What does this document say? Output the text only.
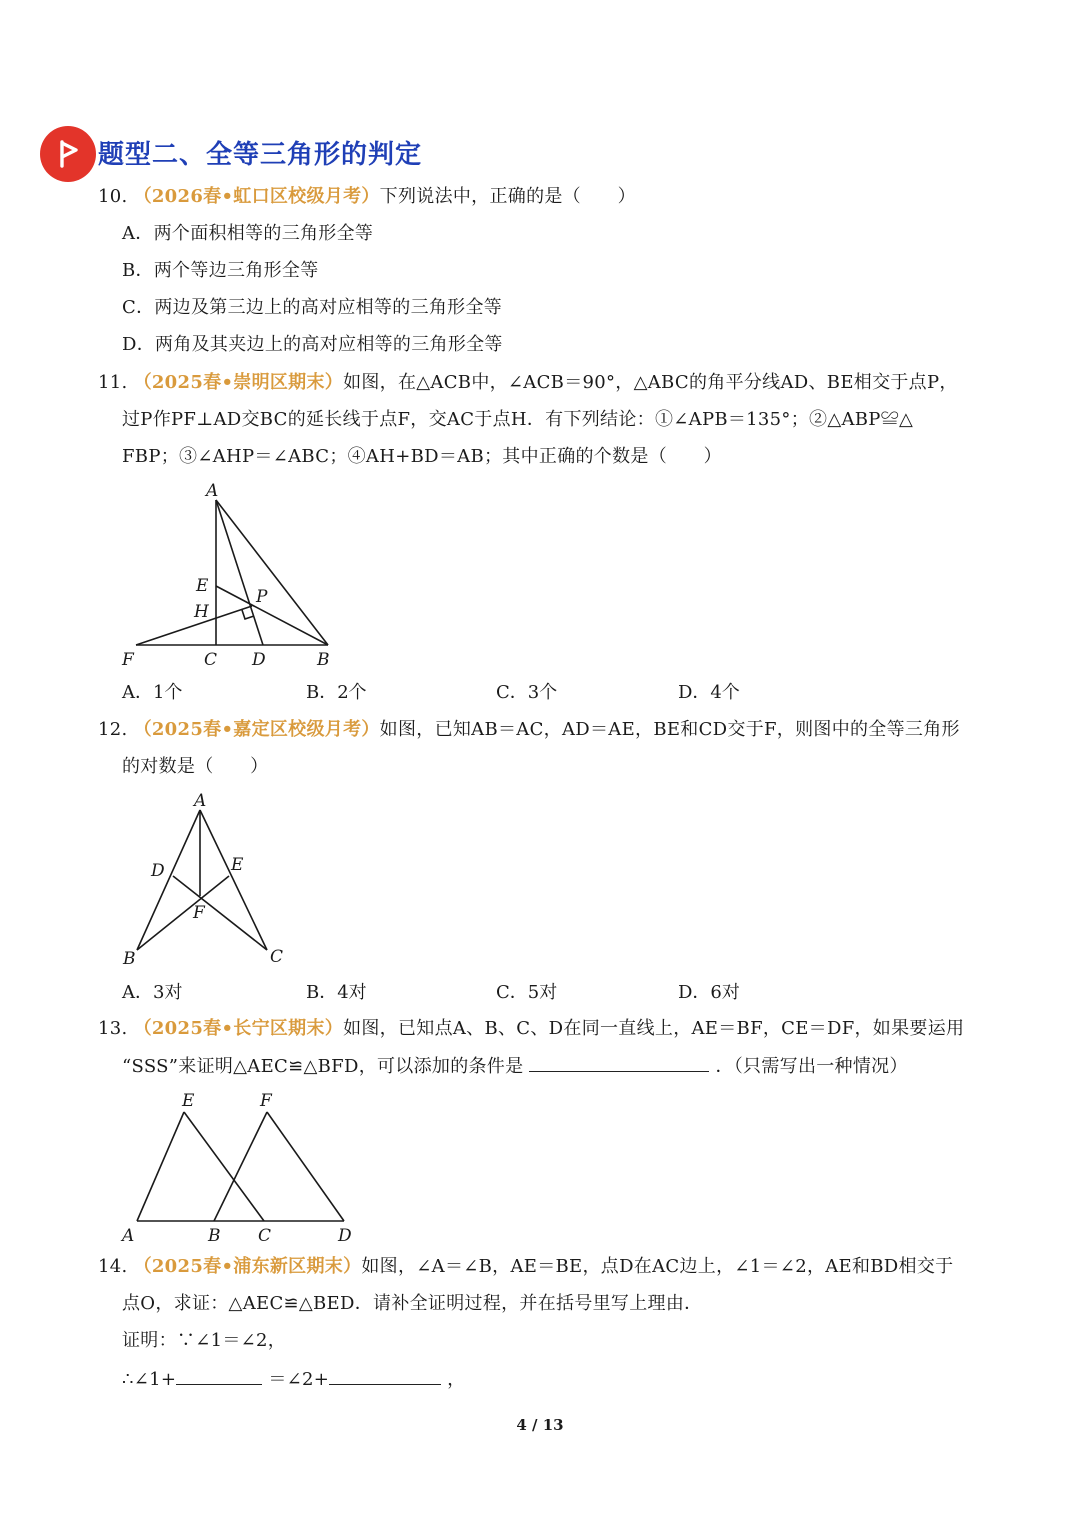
题型二、全等三角形的判定
10. （2026春•虹口区校级月考）下列说法中，正确的是（　　）
A．两个面积相等的三角形全等
B．两个等边三角形全等
C．两边及第三边上的高对应相等的三角形全等
D．两角及其夹边上的高对应相等的三角形全等
11. （2025春•崇明区期末）如图，在△ACB中，∠ACB＝90°，△ABC的角平分线AD、BE相交于点P，
过P作PF⊥AD交BC的延长线于点F，交AC于点H．有下列结论：①∠APB＝135°；②△ABP≌△
FBP；③∠AHP＝∠ABC；④AH+BD＝AB；其中正确的个数是（　　）
A
E
H
P
F	C D	B
A．1个	B．2个	C．3个	D．4个
12. （2025春•嘉定区校级月考）如图，已知AB＝AC，AD＝AE，BE和CD交于F，则图中的全等三角形
的对数是（　　）
A
D	E
F
B	C
A．3对	B．4对	C．5对	D．6对
13. （2025春•长宁区期末）如图，已知点A、B、C、D在同一直线上，AE＝BF，CE＝DF，如果要运用
“SSS”来证明△AEC≌△BFD，可以添加的条件是	．（只需写出一种情况）
E	F
A	B C	D
14. （2025春•浦东新区期末）如图，∠A＝∠B，AE＝BE，点D在AC边上，∠1＝∠2，AE和BD相交于
点O，求证：△AEC≌△BED．请补全证明过程，并在括号里写上理由．
证明：∵∠1＝∠2，
∴∠1+	＝∠2+	，
4 / 13
